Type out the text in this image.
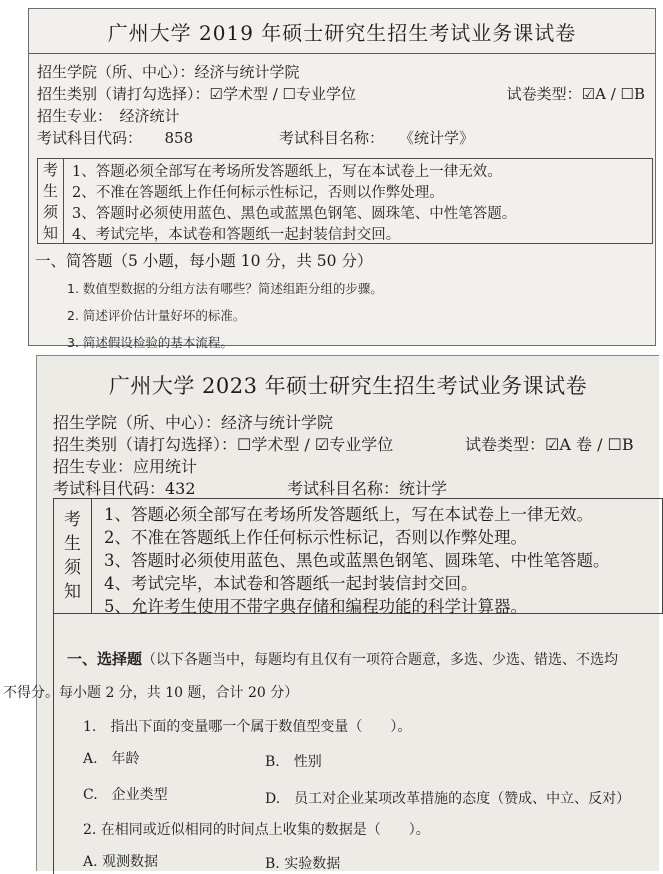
广州大学 2019 年硕士研究生招生考试业务课试卷
招生学院（所、中心）：经济与统计学院
招生类别（请打勾选择）：☑学术型 / ☐专业学位	试卷类型：☑A / ☐B
招生专业：　经济统计
考试科目代码：　　858	考试科目名称：　　《统计学》
考
生
须
知
1、答题必须全部写在考场所发答题纸上，写在本试卷上一律无效。
2、不准在答题纸上作任何标示性标记，否则以作弊处理。
3、答题时必须使用蓝色、黑色或蓝黑色钢笔、圆珠笔、中性笔答题。
4、考试完毕，本试卷和答题纸一起封装信封交回。
一、简答题（5 小题，每小题 10 分，共 50 分）
1. 数值型数据的分组方法有哪些？简述组距分组的步骤。
2. 简述评价估计量好坏的标准。
3. 简述假设检验的基本流程。
广州大学 2023 年硕士研究生招生考试业务课试卷
招生学院（所、中心）：经济与统计学院
招生类别（请打勾选择）：☐学术型 / ☑专业学位	试卷类型：☑A 卷 / ☐B
招生专业：应用统计
考试科目代码：432	考试科目名称：统计学
考
生
须
知
1、答题必须全部写在考场所发答题纸上，写在本试卷上一律无效。
2、不准在答题纸上作任何标示性标记，否则以作弊处理。
3、答题时必须使用蓝色、黑色或蓝黑色钢笔、圆珠笔、中性笔答题。
4、考试完毕，本试卷和答题纸一起封装信封交回。
5、允许考生使用不带字典存储和编程功能的科学计算器。
一、选择题（以下各题当中，每题均有且仅有一项符合题意，多选、少选、错选、不选均
不得分。每小题 2 分，共 10 题，合计 20 分）
1.　指出下面的变量哪一个属于数值型变量（　　）。
A.　年龄	B.　性别
C.　企业类型	D.　员工对企业某项改革措施的态度（赞成、中立、反对）
2. 在相同或近似相同的时间点上收集的数据是（　　）。
A. 观测数据	B. 实验数据
